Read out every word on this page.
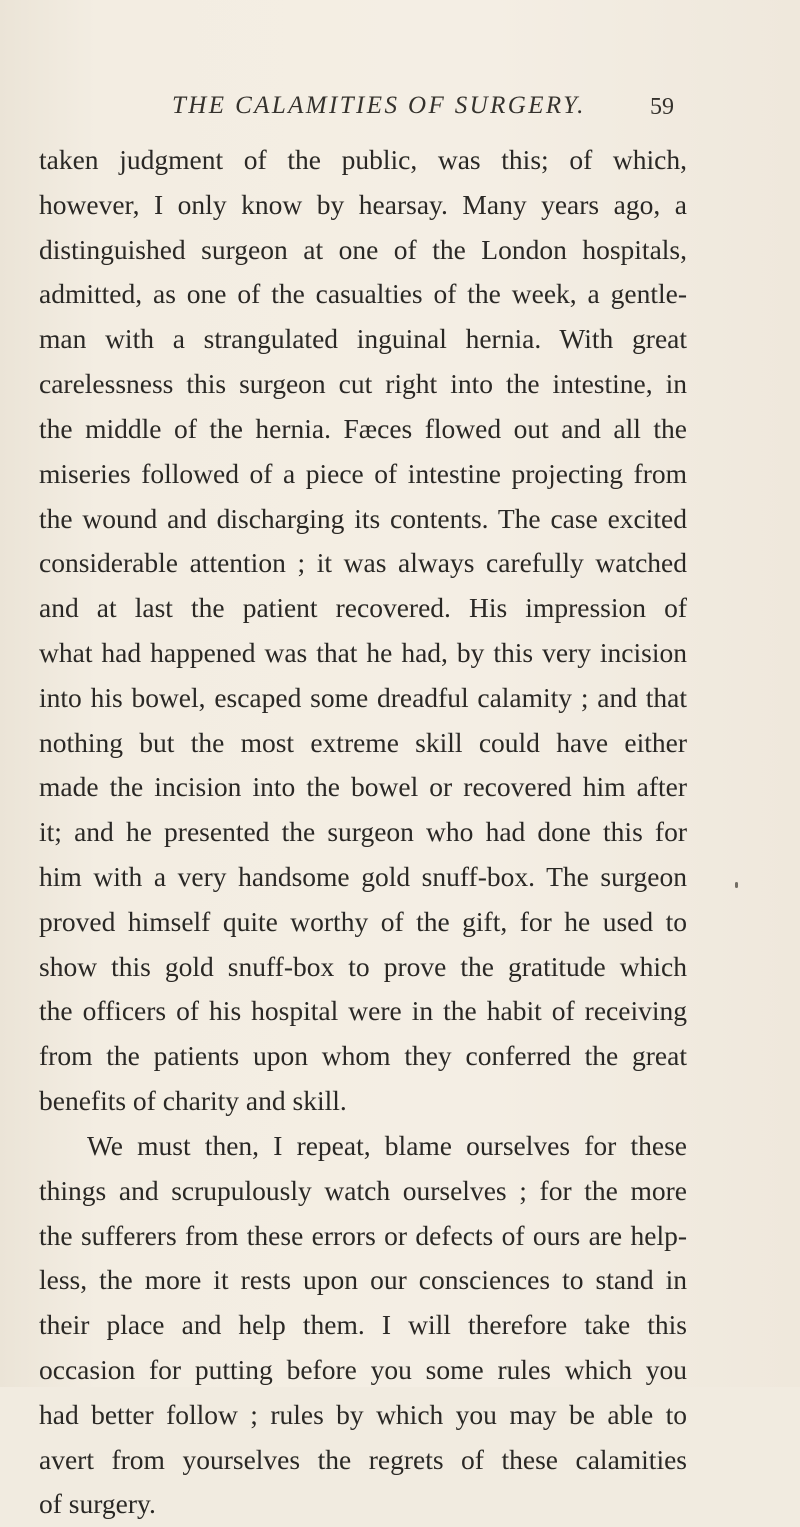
THE CALAMITIES OF SURGERY.	59
taken judgment of the public, was this; of which,
however, I only know by hearsay. Many years ago, a
distinguished surgeon at one of the London hospitals,
admitted, as one of the casualties of the week, a gentle-
man with a strangulated inguinal hernia. With great
carelessness this surgeon cut right into the intestine, in
the middle of the hernia. Fæces flowed out and all the
miseries followed of a piece of intestine projecting from
the wound and discharging its contents. The case excited
considerable attention ; it was always carefully watched
and at last the patient recovered. His impression of
what had happened was that he had, by this very incision
into his bowel, escaped some dreadful calamity ; and that
nothing but the most extreme skill could have either
made the incision into the bowel or recovered him after
it; and he presented the surgeon who had done this for
him with a very handsome gold snuff-box. The surgeon
proved himself quite worthy of the gift, for he used to
show this gold snuff-box to prove the gratitude which
the officers of his hospital were in the habit of receiving
from the patients upon whom they conferred the great
benefits of charity and skill.
We must then, I repeat, blame ourselves for these
things and scrupulously watch ourselves ; for the more
the sufferers from these errors or defects of ours are help-
less, the more it rests upon our consciences to stand in
their place and help them. I will therefore take this
occasion for putting before you some rules which you
had better follow ; rules by which you may be able to
avert from yourselves the regrets of these calamities
of surgery.
